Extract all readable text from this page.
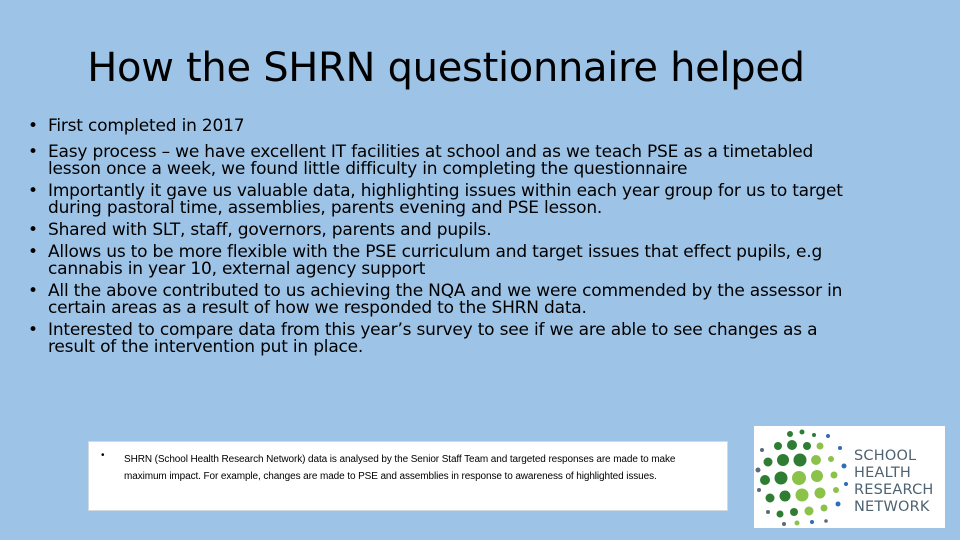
How the SHRN questionnaire helped
• First completed in 2017
• Easy process – we have excellent IT facilities at school and as we teach PSE as a timetabled lesson once a week, we found little difficulty in completing the questionnaire
• Importantly it gave us valuable data, highlighting issues within each year group for us to target during pastoral time, assemblies, parents evening and PSE lesson.
• Shared with SLT, staff, governors, parents and pupils.
• Allows us to be more flexible with the PSE curriculum and target issues that effect pupils, e.g cannabis in year 10, external agency support
• All the above contributed to us achieving the NQA and we were commended by the assessor in certain areas as a result of how we responded to the SHRN data.
• Interested to compare data from this year’s survey to see if we are able to see changes as a result of the intervention put in place.
• SHRN (School Health Research Network) data is analysed by the Senior Staff Team and targeted responses are made to make maximum impact. For example, changes are made to PSE and assemblies in response to awareness of highlighted issues.
SCHOOL
HEALTH
RESEARCH
NETWORK
